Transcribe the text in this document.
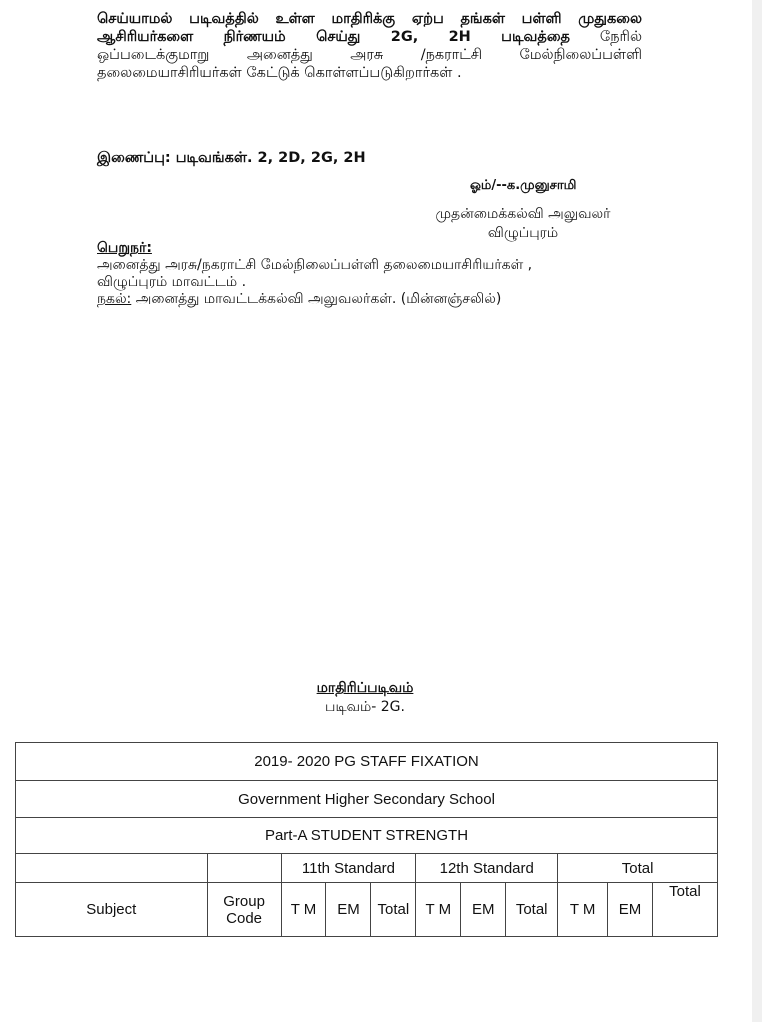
செய்யாமல் படிவத்தில் உள்ள மாதிரிக்கு ஏற்ப தங்கள் பள்ளி முதுகலை
ஆசிரியர்களை நிர்ணயம் செய்து 2G, 2H படிவத்தை நேரில்
ஒப்படைக்குமாறு அனைத்து அரசு /நகராட்சி மேல்நிலைப்பள்ளி
தலைமையாசிரியர்கள் கேட்டுக் கொள்ளப்படுகிறார்கள் .
இணைப்பு: படிவங்கள். 2, 2D, 2G, 2H
ஓம்/--க.முனுசாமி
முதன்மைக்கல்வி அலுவலர்
விழுப்புரம்
பெறுநர்:
அனைத்து அரசு/நகராட்சி மேல்நிலைப்பள்ளி தலைமையாசிரியர்கள் ,
விழுப்புரம் மாவட்டம் .
நகல்: அனைத்து மாவட்டக்கல்வி அலுவலர்கள். (மின்னஞ்சலில்)
மாதிரிப்படிவம்
படிவம்- 2G.
2019- 2020 PG STAFF FIXATION										
Government Higher Secondary School										
Part-A STUDENT STRENGTH										
		11th Standard			12th Standard			Total		
Subject	Group Code	T M	EM	Total	T M	EM	Total	T M	EM	Total
